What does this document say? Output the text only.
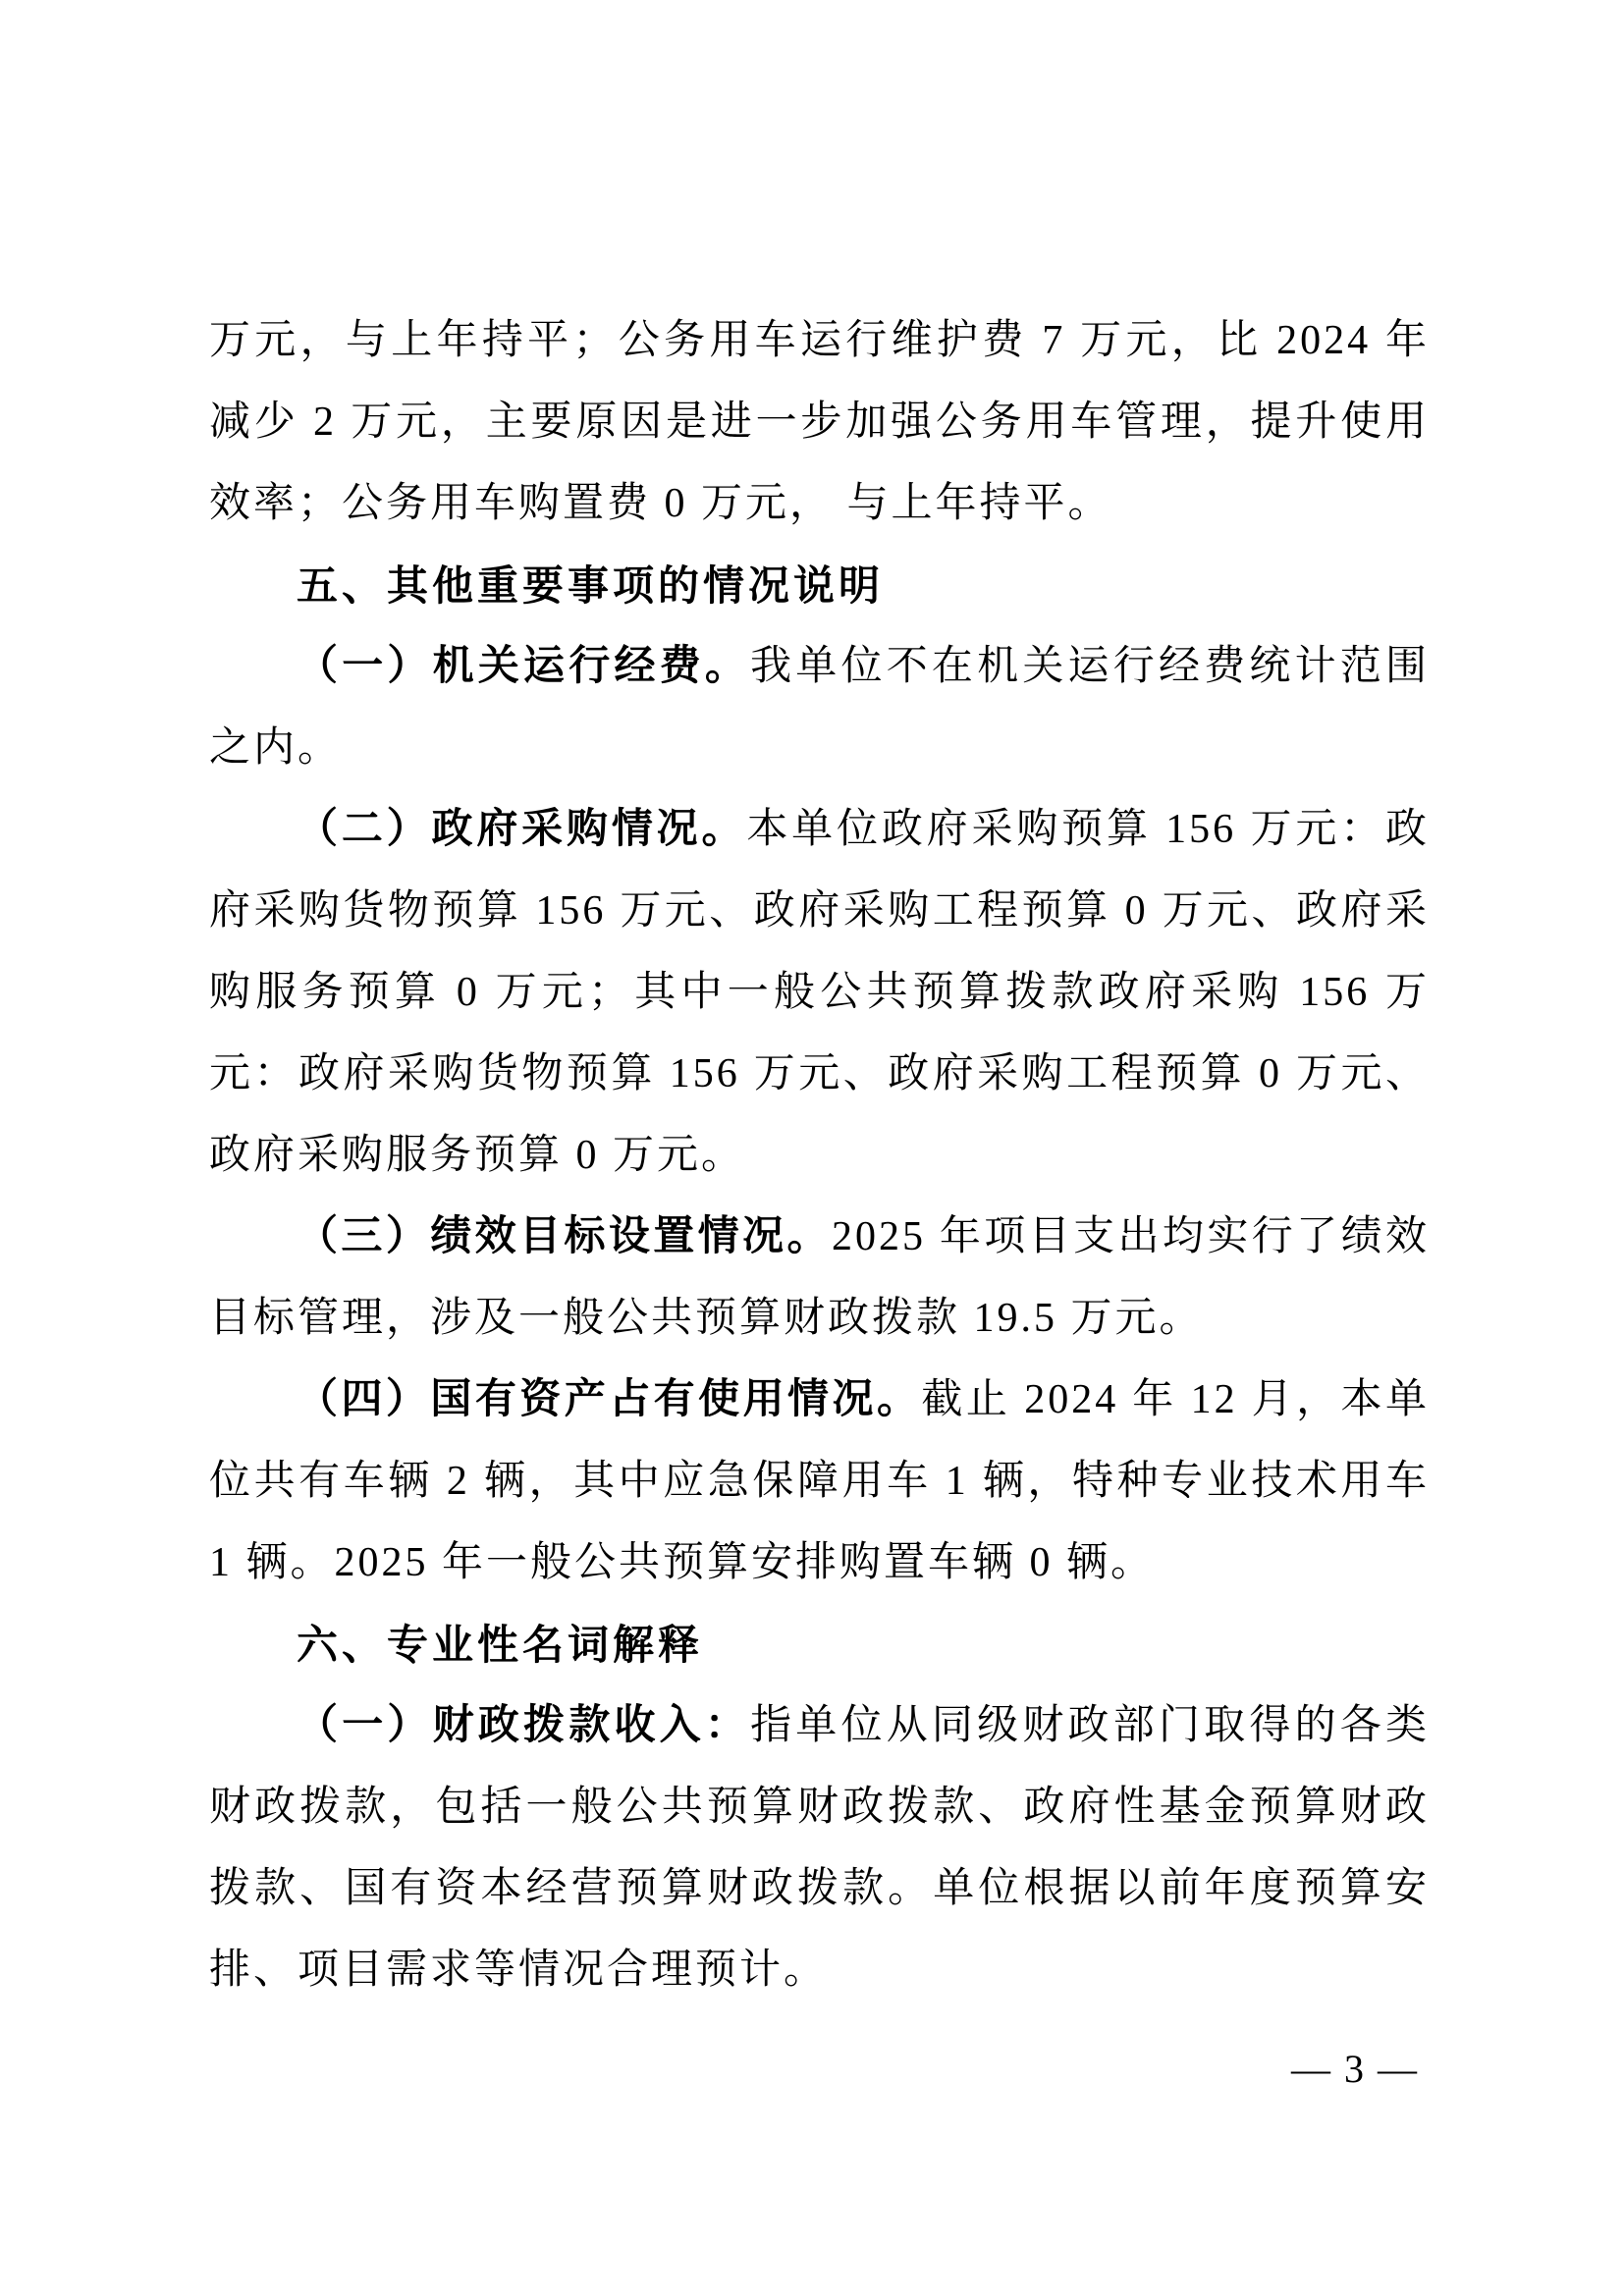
万元，与上年持平；公务用车运行维护费 7 万元，比 2024 年减少 2 万元，主要原因是进一步加强公务用车管理，提升使用效率；公务用车购置费 0 万元， 与上年持平。

五、其他重要事项的情况说明

（一）机关运行经费。我单位不在机关运行经费统计范围之内。

（二）政府采购情况。本单位政府采购预算 156 万元：政府采购货物预算 156 万元、政府采购工程预算 0 万元、政府采购服务预算 0 万元；其中一般公共预算拨款政府采购 156 万元：政府采购货物预算 156 万元、政府采购工程预算 0 万元、政府采购服务预算 0 万元。

（三）绩效目标设置情况。2025 年项目支出均实行了绩效目标管理，涉及一般公共预算财政拨款 19.5 万元。

（四）国有资产占有使用情况。截止 2024 年 12 月，本单位共有车辆 2 辆，其中应急保障用车 1 辆，特种专业技术用车 1 辆。2025 年一般公共预算安排购置车辆 0 辆。

六、专业性名词解释

（一）财政拨款收入：指单位从同级财政部门取得的各类财政拨款，包括一般公共预算财政拨款、政府性基金预算财政拨款、国有资本经营预算财政拨款。单位根据以前年度预算安排、项目需求等情况合理预计。

— 3 —
